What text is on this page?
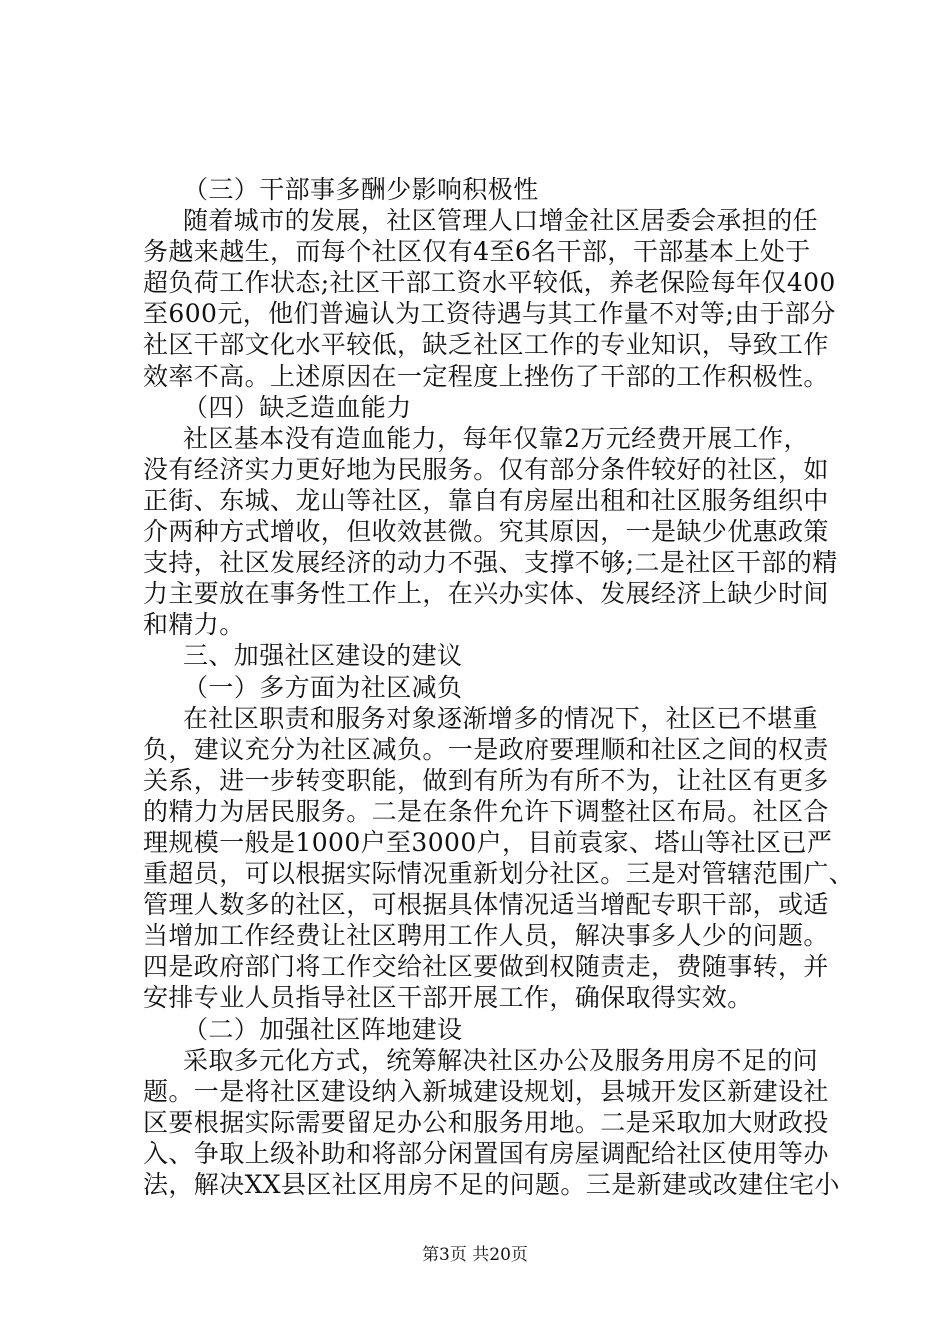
（三）干部事多酬少影响积极性
随着城市的发展，社区管理人口增金社区居委会承担的任
务越来越生，而每个社区仅有4至6名干部，干部基本上处于
超负荷工作状态;社区干部工资水平较低，养老保险每年仅400
至600元，他们普遍认为工资待遇与其工作量不对等;由于部分
社区干部文化水平较低，缺乏社区工作的专业知识，导致工作
效率不高。上述原因在一定程度上挫伤了干部的工作积极性。
（四）缺乏造血能力
社区基本没有造血能力，每年仅靠2万元经费开展工作，
没有经济实力更好地为民服务。仅有部分条件较好的社区，如
正街、东城、龙山等社区，靠自有房屋出租和社区服务组织中
介两种方式增收，但收效甚微。究其原因，一是缺少优惠政策
支持，社区发展经济的动力不强、支撑不够;二是社区干部的精
力主要放在事务性工作上，在兴办实体、发展经济上缺少时间
和精力。
三、加强社区建设的建议
（一）多方面为社区减负
在社区职责和服务对象逐渐增多的情况下，社区已不堪重
负，建议充分为社区减负。一是政府要理顺和社区之间的权责
关系，进一步转变职能，做到有所为有所不为，让社区有更多
的精力为居民服务。二是在条件允许下调整社区布局。社区合
理规模一般是1000户至3000户，目前袁家、塔山等社区已严
重超员，可以根据实际情况重新划分社区。三是对管辖范围广、
管理人数多的社区，可根据具体情况适当增配专职干部，或适
当增加工作经费让社区聘用工作人员，解决事多人少的问题。
四是政府部门将工作交给社区要做到权随责走，费随事转，并
安排专业人员指导社区干部开展工作，确保取得实效。
（二）加强社区阵地建设
采取多元化方式，统筹解决社区办公及服务用房不足的问
题。一是将社区建设纳入新城建设规划，县城开发区新建设社
区要根据实际需要留足办公和服务用地。二是采取加大财政投
入、争取上级补助和将部分闲置国有房屋调配给社区使用等办
法，解决XX县区社区用房不足的问题。三是新建或改建住宅小
第3页 共20页
